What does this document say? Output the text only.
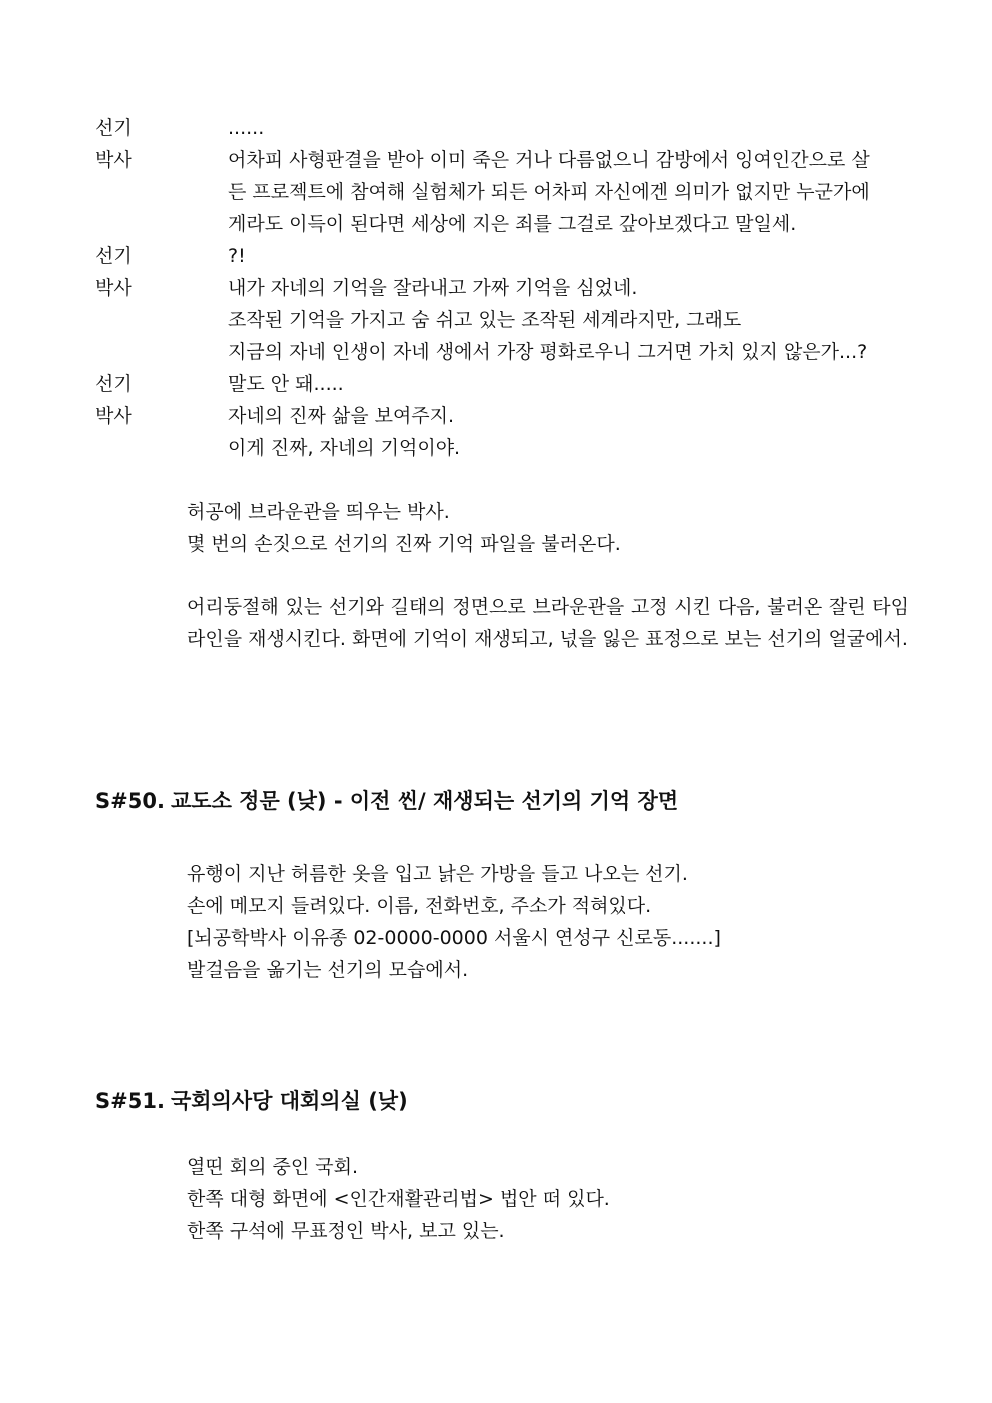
선기	......
박사	어차피 사형판결을 받아 이미 죽은 거나 다름없으니 감방에서 잉여인간으로 살
든 프로젝트에 참여해 실험체가 되든 어차피 자신에겐 의미가 없지만 누군가에
게라도 이득이 된다면 세상에 지은 죄를 그걸로 갚아보겠다고 말일세.
선기	?!
박사	내가 자네의 기억을 잘라내고 가짜 기억을 심었네.
조작된 기억을 가지고 숨 쉬고 있는 조작된 세계라지만, 그래도
지금의 자네 인생이 자네 생에서 가장 평화로우니 그거면 가치 있지 않은가...?
선기	말도 안 돼.....
박사	자네의 진짜 삶을 보여주지.
이게 진짜, 자네의 기억이야.

허공에 브라운관을 띄우는 박사.

몇 번의 손짓으로 선기의 진짜 기억 파일을 불러온다.

어리둥절해 있는 선기와 길태의 정면으로 브라운관을 고정 시킨 다음, 불러온 잘린 타임라인을 재생시킨다. 화면에 기억이 재생되고, 넋을 잃은 표정으로 보는 선기의 얼굴에서.

S#50. 교도소 정문 (낮) - 이전 씬/ 재생되는 선기의 기억 장면

유행이 지난 허름한 옷을 입고 낡은 가방을 들고 나오는 선기.

손에 메모지 들려있다. 이름, 전화번호, 주소가 적혀있다.

[뇌공학박사 이유종 02-0000-0000 서울시 연성구 신로동.......]

발걸음을 옮기는 선기의 모습에서.

S#51. 국회의사당 대회의실 (낮)

열띤 회의 중인 국회.

한쪽 대형 화면에 <인간재활관리법> 법안 떠 있다.

한쪽 구석에 무표정인 박사, 보고 있는.
